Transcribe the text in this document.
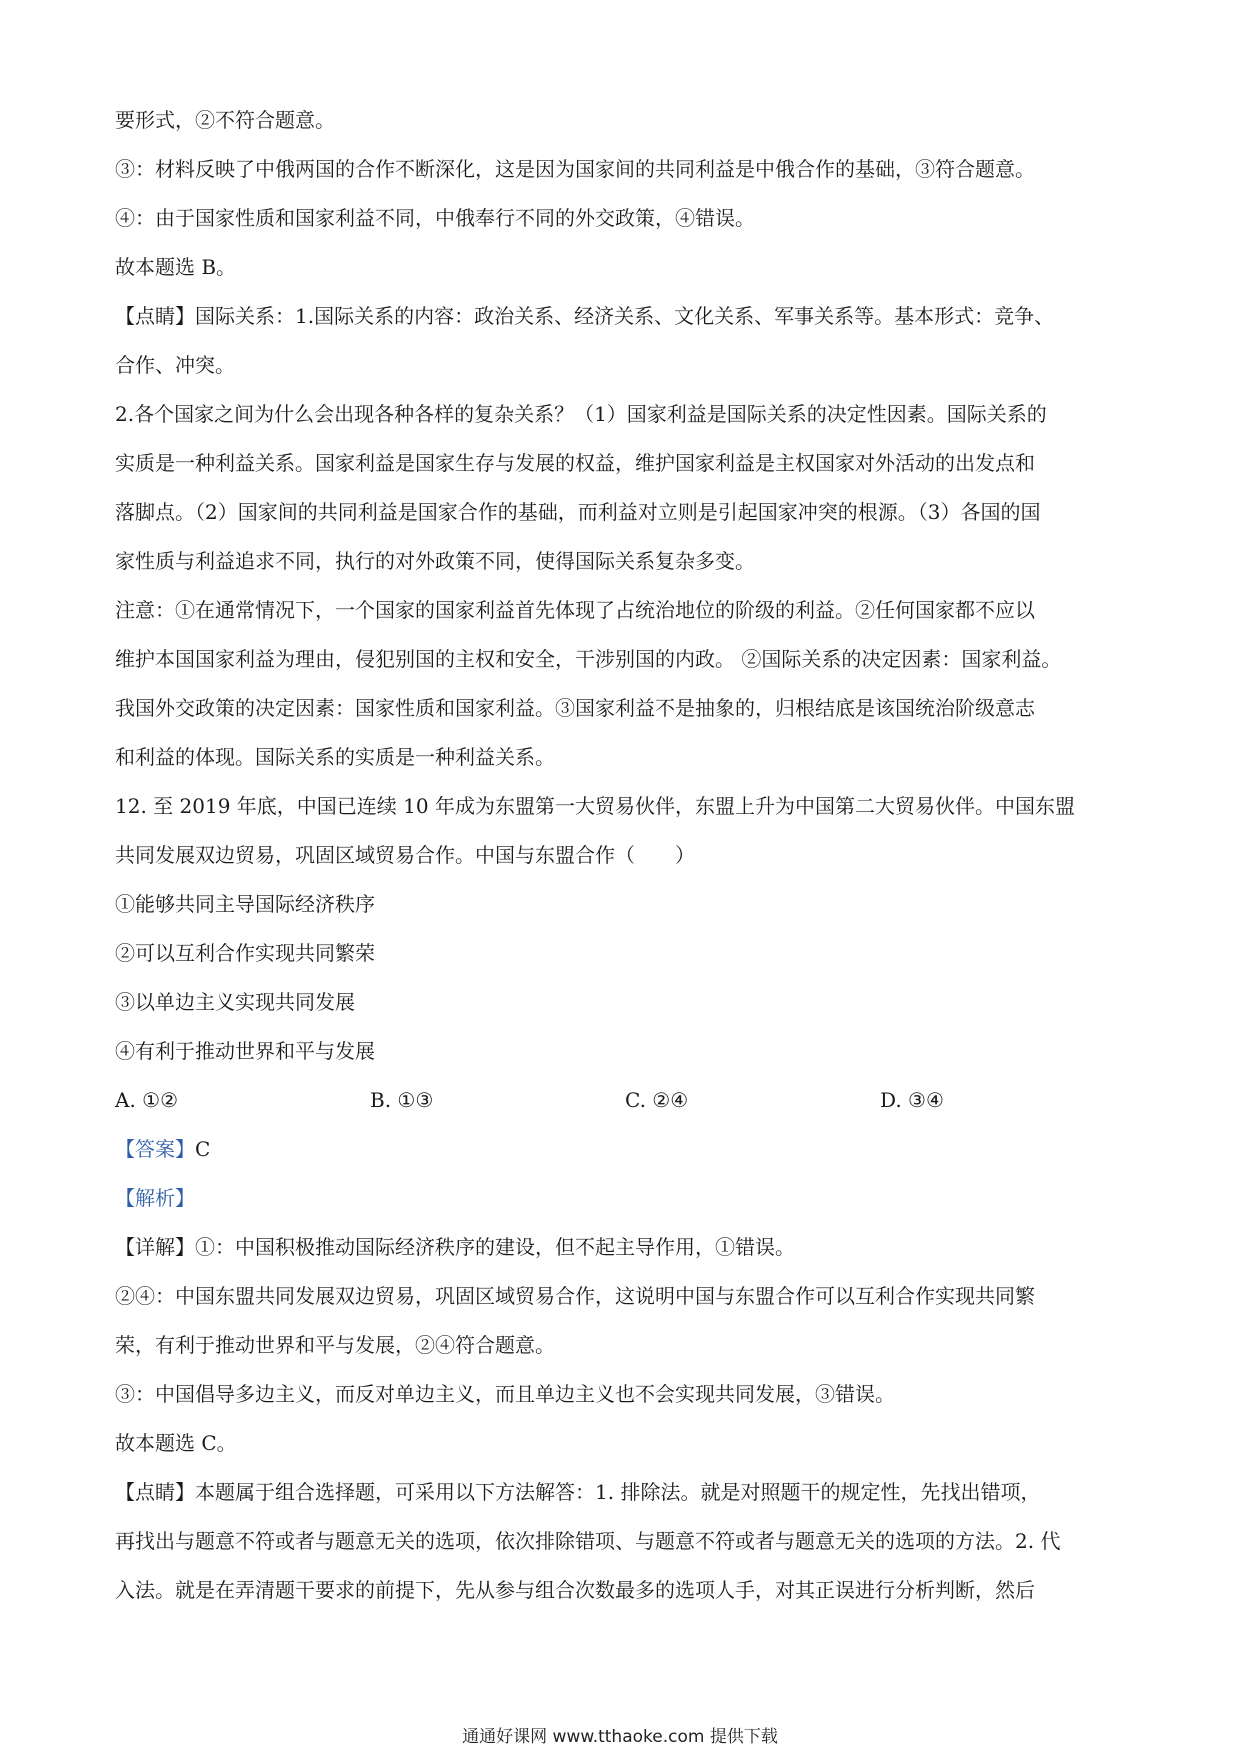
要形式，②不符合题意。
③：材料反映了中俄两国的合作不断深化，这是因为国家间的共同利益是中俄合作的基础，③符合题意。
④：由于国家性质和国家利益不同，中俄奉行不同的外交政策，④错误。
故本题选 B。
【点睛】国际关系：1.国际关系的内容：政治关系、经济关系、文化关系、军事关系等。基本形式：竞争、
合作、冲突。
2.各个国家之间为什么会出现各种各样的复杂关系？（1）国家利益是国际关系的决定性因素。国际关系的
实质是一种利益关系。国家利益是国家生存与发展的权益，维护国家利益是主权国家对外活动的出发点和
落脚点。（2）国家间的共同利益是国家合作的基础，而利益对立则是引起国家冲突的根源。（3）各国的国
家性质与利益追求不同，执行的对外政策不同，使得国际关系复杂多变。
注意：①在通常情况下，一个国家的国家利益首先体现了占统治地位的阶级的利益。②任何国家都不应以
维护本国国家利益为理由，侵犯别国的主权和安全，干涉别国的内政。 ②国际关系的决定因素：国家利益。
我国外交政策的决定因素：国家性质和国家利益。③国家利益不是抽象的，归根结底是该国统治阶级意志
和利益的体现。国际关系的实质是一种利益关系。
12. 至 2019 年底，中国已连续 10 年成为东盟第一大贸易伙伴，东盟上升为中国第二大贸易伙伴。中国东盟
共同发展双边贸易，巩固区域贸易合作。中国与东盟合作（　　）
①能够共同主导国际经济秩序
②可以互利合作实现共同繁荣
③以单边主义实现共同发展
④有利于推动世界和平与发展
A. ①②	B. ①③	C. ②④	D. ③④
【答案】C
【解析】
【详解】①：中国积极推动国际经济秩序的建设，但不起主导作用，①错误。
②④：中国东盟共同发展双边贸易，巩固区域贸易合作，这说明中国与东盟合作可以互利合作实现共同繁
荣，有利于推动世界和平与发展，②④符合题意。
③：中国倡导多边主义，而反对单边主义，而且单边主义也不会实现共同发展，③错误。
故本题选 C。
【点睛】本题属于组合选择题，可采用以下方法解答：1. 排除法。就是对照题干的规定性，先找出错项，
再找出与题意不符或者与题意无关的选项，依次排除错项、与题意不符或者与题意无关的选项的方法。2. 代
入法。就是在弄清题干要求的前提下，先从参与组合次数最多的选项人手，对其正误进行分析判断，然后
通通好课网 www.tthaoke.com 提供下载
